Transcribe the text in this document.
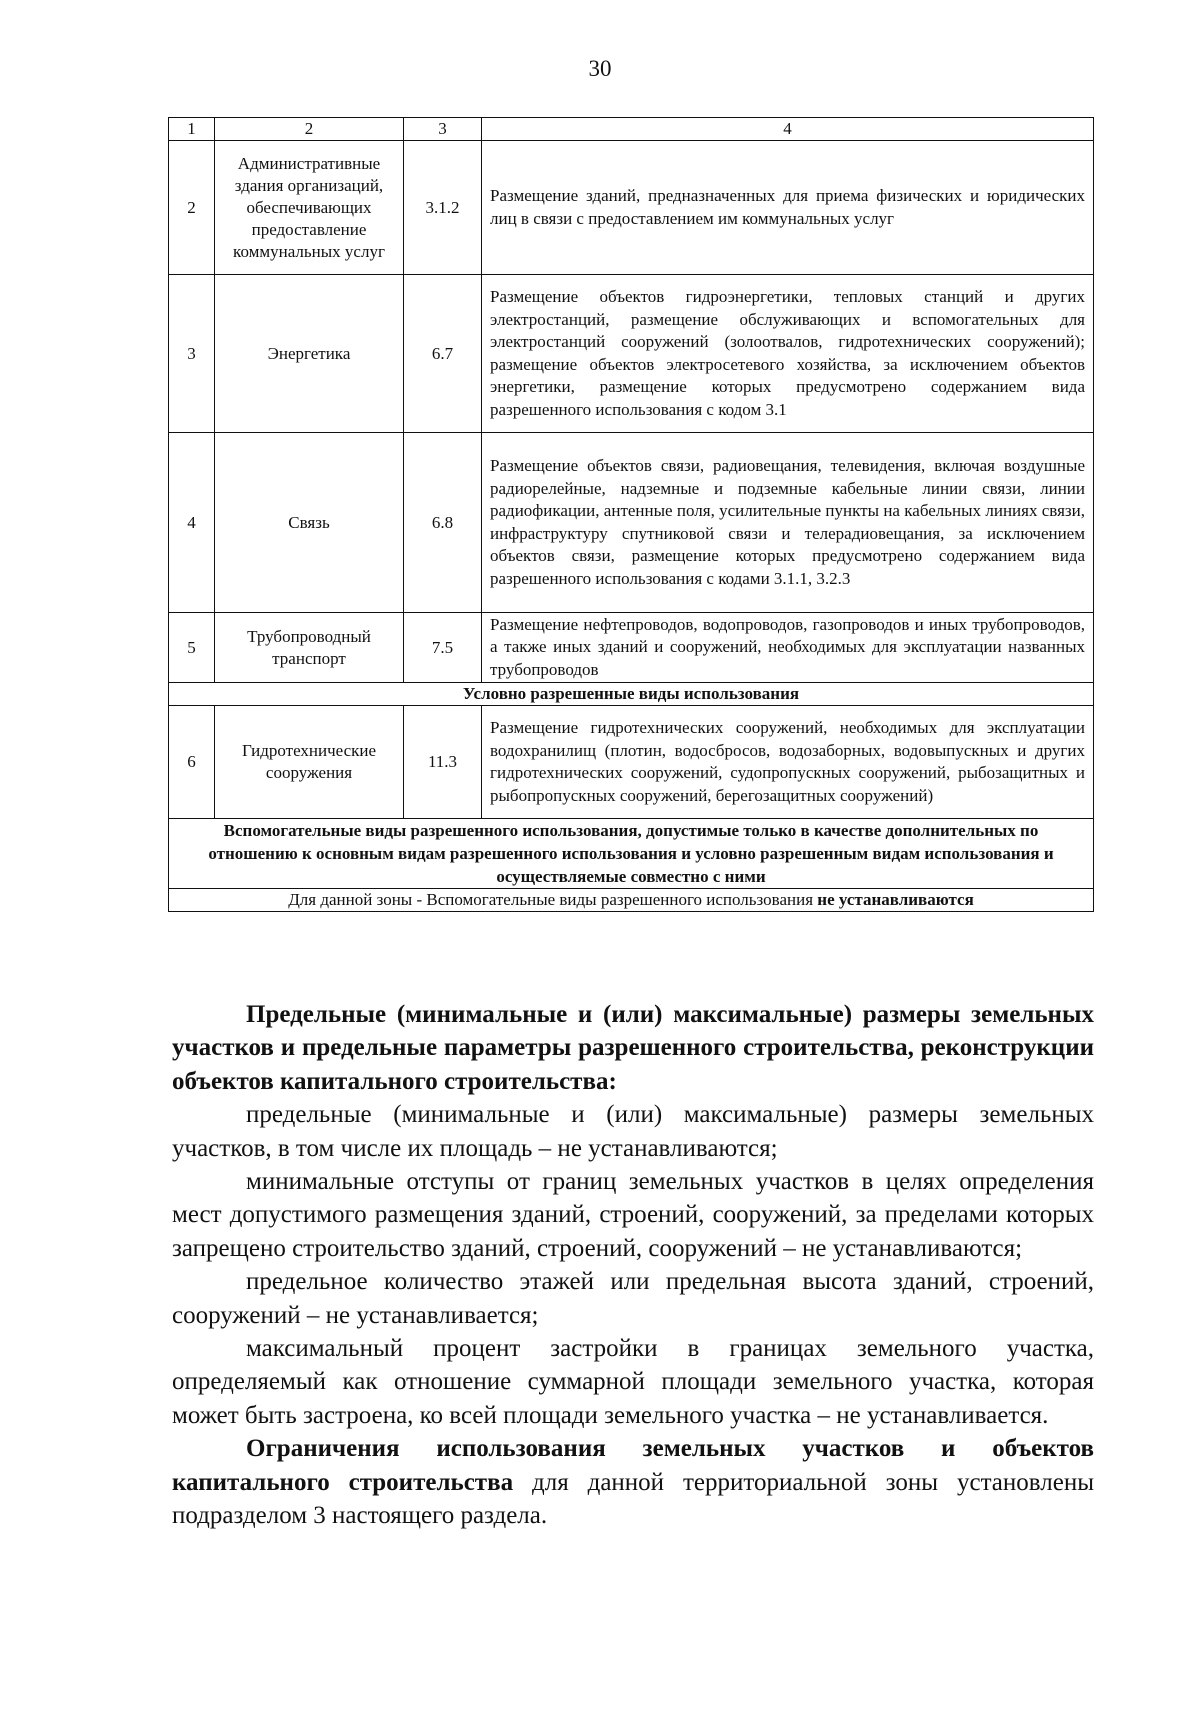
30
1	2	3	4
2	Административные здания организаций, обеспечивающих предоставление коммунальных услуг	3.1.2	Размещение зданий, предназначенных для приема физических и юридических лиц в связи с предоставлением им коммунальных услуг
3	Энергетика	6.7	Размещение объектов гидроэнергетики, тепловых станций и других электростанций, размещение обслуживающих и вспомогательных для электростанций сооружений (золоотвалов, гидротехнических сооружений); размещение объектов электросетевого хозяйства, за исключением объектов энергетики, размещение которых предусмотрено содержанием вида разрешенного использования с кодом 3.1
4	Связь	6.8	Размещение объектов связи, радиовещания, телевидения, включая воздушные радиорелейные, надземные и подземные кабельные линии связи, линии радиофикации, антенные поля, усилительные пункты на кабельных линиях связи, инфраструктуру спутниковой связи и телерадиовещания, за исключением объектов связи, размещение которых предусмотрено содержанием вида разрешенного использования с кодами 3.1.1, 3.2.3
5	Трубопроводный транспорт	7.5	Размещение нефтепроводов, водопроводов, газопроводов и иных трубопроводов, а также иных зданий и сооружений, необходимых для эксплуатации названных трубопроводов
Условно разрешенные виды использования			
6	Гидротехнические сооружения	11.3	Размещение гидротехнических сооружений, необходимых для эксплуатации водохранилищ (плотин, водосбросов, водозаборных, водовыпускных и других гидротехнических сооружений, судопропускных сооружений, рыбозащитных и рыбопропускных сооружений, берегозащитных сооружений)
Вспомогательные виды разрешенного использования, допустимые только в качестве дополнительных по отношению к основным видам разрешенного использования и условно разрешенным видам использования и осуществляемые совместно с ними			
Для данной зоны - Вспомогательные виды разрешенного использования не устанавливаются			

Предельные (минимальные и (или) максимальные) размеры земельных участков и предельные параметры разрешенного строительства, реконструкции объектов капитального строительства:

предельные (минимальные и (или) максимальные) размеры земельных участков, в том числе их площадь – не устанавливаются;

минимальные отступы от границ земельных участков в целях определения мест допустимого размещения зданий, строений, сооружений, за пределами которых запрещено строительство зданий, строений, сооружений – не устанавливаются;

предельное количество этажей или предельная высота зданий, строений, сооружений – не устанавливается;

максимальный процент застройки в границах земельного участка, определяемый как отношение суммарной площади земельного участка, которая может быть застроена, ко всей площади земельного участка – не устанавливается.

Ограничения использования земельных участков и объектов капитального строительства для данной территориальной зоны установлены подразделом 3 настоящего раздела.
